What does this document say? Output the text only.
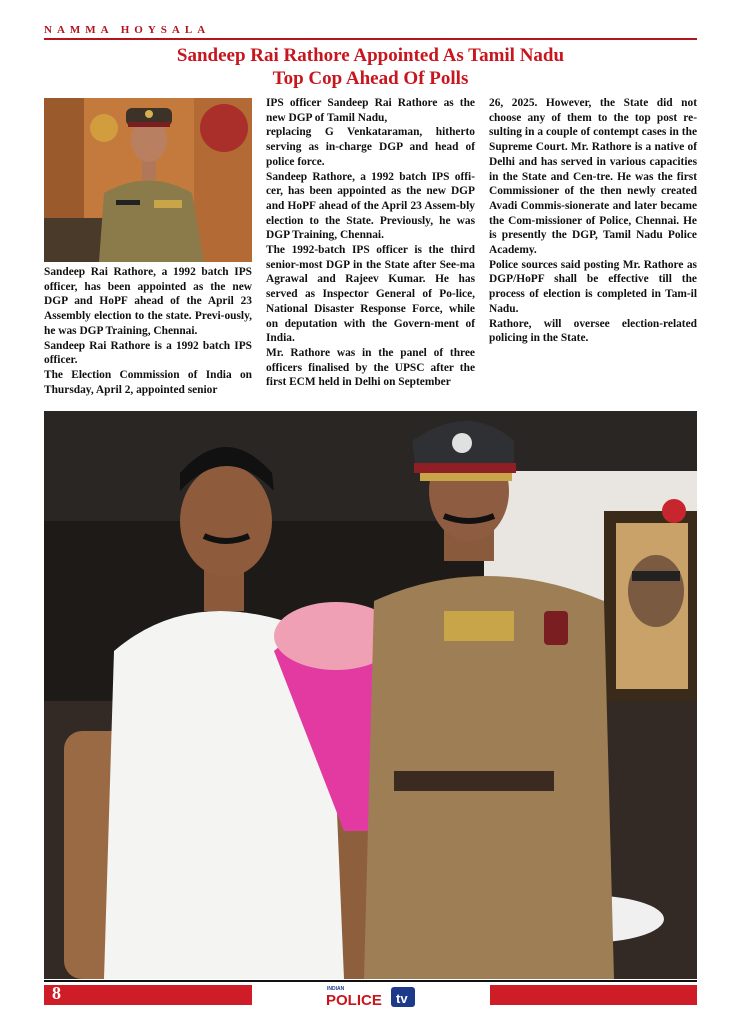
NAMMA HOYSALA
Sandeep Rai Rathore Appointed As Tamil Nadu
Top Cop Ahead Of Polls

Sandeep Rai Rathore, a 1992 batch IPS officer, has been appointed as the new DGP and HoPF ahead of the April 23 Assembly election to the state. Previ-ously, he was DGP Training, Chennai.

Sandeep Rai Rathore is a 1992 batch IPS officer.

The Election Commission of India on Thursday, April 2, appointed senior

IPS officer Sandeep Rai Rathore as the new DGP of Tamil Nadu,

replacing G Venkataraman, hitherto serving as in-charge DGP and head of police force.

Sandeep Rathore, a 1992 batch IPS offi-cer, has been appointed as the new DGP and HoPF ahead of the April 23 Assem-bly election to the State. Previously, he was DGP Training, Chennai.

The 1992-batch IPS officer is the third senior-most DGP in the State after See-ma Agrawal and Rajeev Kumar. He has served as Inspector General of Po-lice, National Disaster Response Force, while on deputation with the Govern-ment of India.

Mr. Rathore was in the panel of three officers finalised by the UPSC after the first ECM held in Delhi on September

26, 2025. However, the State did not choose any of them to the top post re-sulting in a couple of contempt cases in the Supreme Court. Mr. Rathore is a native of Delhi and has served in various capacities in the State and Cen-tre. He was the first Commissioner of the then newly created Avadi Commis-sionerate and later became the Com-missioner of Police, Chennai. He is presently the DGP, Tamil Nadu Police Academy.

Police sources said posting Mr. Rathore as DGP/HoPF shall be effective till the process of election is completed in Tam-il Nadu.

Rathore, will oversee election-related policing in the State.

8	INDIAN
POLICE tv
